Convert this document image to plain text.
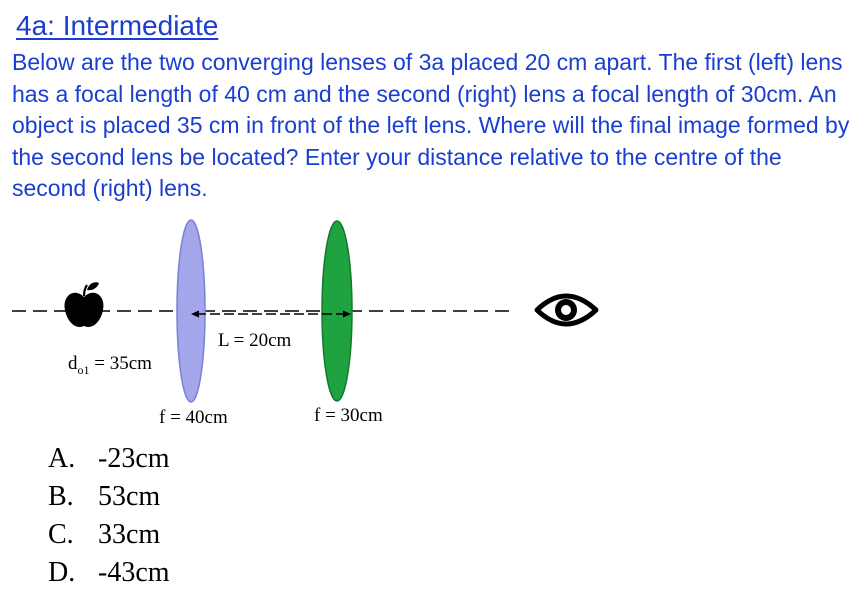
4a: Intermediate

Below are the two converging lenses of 3a placed 20 cm apart. The first (left) lens has a focal length of 40 cm and the second (right) lens a focal length of 30cm. An object is placed 35 cm in front of the left lens. Where will the final image formed by the second lens be located? Enter your distance relative to the centre of the second (right) lens.

$d_{o1} = 35cm$
L = 20cm
f = 40cm	f = 30cm
A. -23cm
B. 53cm
C. 33cm
D. -43cm
